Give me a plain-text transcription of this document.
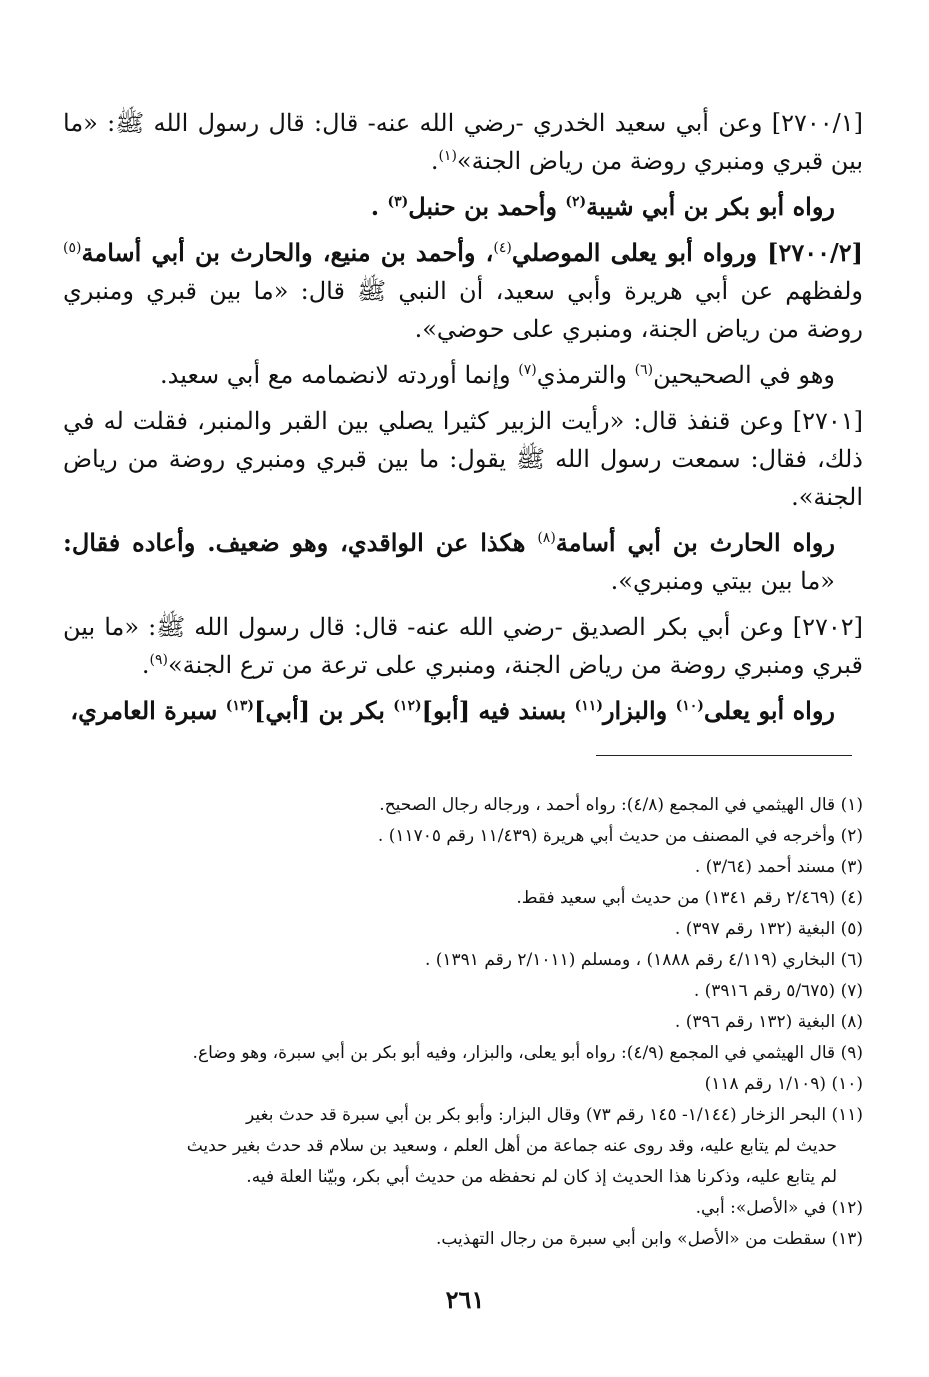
[٢٧٠٠/١] وعن أبي سعيد الخدري -رضي الله عنه- قال: قال رسول الله ﷺ: «ما بين قبري ومنبري روضة من رياض الجنة»$^{(١)}$.

رواه أبو بكر بن أبي شيبة$^{(٢)}$ وأحمد بن حنبل$^{(٣)}$ .

[٢٧٠٠/٢] ورواه أبو يعلى الموصلي$^{(٤)}$، وأحمد بن منيع، والحارث بن أبي أسامة$^{(٥)}$ ولفظهم عن أبي هريرة وأبي سعيد، أن النبي ﷺ قال: «ما بين قبري ومنبري روضة من رياض الجنة، ومنبري على حوضي».

وهو في الصحيحين$^{(٦)}$ والترمذي$^{(٧)}$ وإنما أوردته لانضمامه مع أبي سعيد.

[٢٧٠١] وعن قنفذ قال: «رأيت الزبير كثيرا يصلي بين القبر والمنبر، فقلت له في ذلك، فقال: سمعت رسول الله ﷺ يقول: ما بين قبري ومنبري روضة من رياض الجنة».

رواه الحارث بن أبي أسامة$^{(٨)}$ هكذا عن الواقدي، وهو ضعيف. وأعاده فقال: «ما بين بيتي ومنبري».

[٢٧٠٢] وعن أبي بكر الصديق -رضي الله عنه- قال: قال رسول الله ﷺ: «ما بين قبري ومنبري روضة من رياض الجنة، ومنبري على ترعة من ترع الجنة»$^{(٩)}$.

رواه أبو يعلى$^{(١٠)}$ والبزار$^{(١١)}$ بسند فيه [أبو]$^{(١٢)}$ بكر بن [أبي]$^{(١٣)}$ سبرة العامري،

(١) قال الهيثمي في المجمع (٤/٨): رواه أحمد ، ورجاله رجال الصحيح.

(٢) وأخرجه في المصنف من حديث أبي هريرة (١١/٤٣٩ رقم ١١٧٠٥) .

(٣) مسند أحمد (٣/٦٤) .

(٤) (٢/٤٦٩ رقم ١٣٤١) من حديث أبي سعيد فقط.

(٥) البغية (١٣٢ رقم ٣٩٧) .

(٦) البخاري (٤/١١٩ رقم ١٨٨٨) ، ومسلم (٢/١٠١١ رقم ١٣٩١) .

(٧) (٥/٦٧٥ رقم ٣٩١٦) .

(٨) البغية (١٣٢ رقم ٣٩٦) .

(٩) قال الهيثمي في المجمع (٤/٩): رواه أبو يعلى، والبزار، وفيه أبو بكر بن أبي سبرة، وهو وضاع.

(١٠) (١/١٠٩ رقم ١١٨)

(١١) البحر الزخار (١/١٤٤- ١٤٥ رقم ٧٣) وقال البزار: وأبو بكر بن أبي سبرة قد حدث بغير

حديث لم يتابع عليه، وقد روى عنه جماعة من أهل العلم ، وسعيد بن سلام قد حدث بغير حديث

لم يتابع عليه، وذكرنا هذا الحديث إذ كان لم نحفظه من حديث أبي بكر، وبيّنا العلة فيه.

(١٢) في «الأصل»: أبي.

(١٣) سقطت من «الأصل» وابن أبي سبرة من رجال التهذيب.

٢٦١
